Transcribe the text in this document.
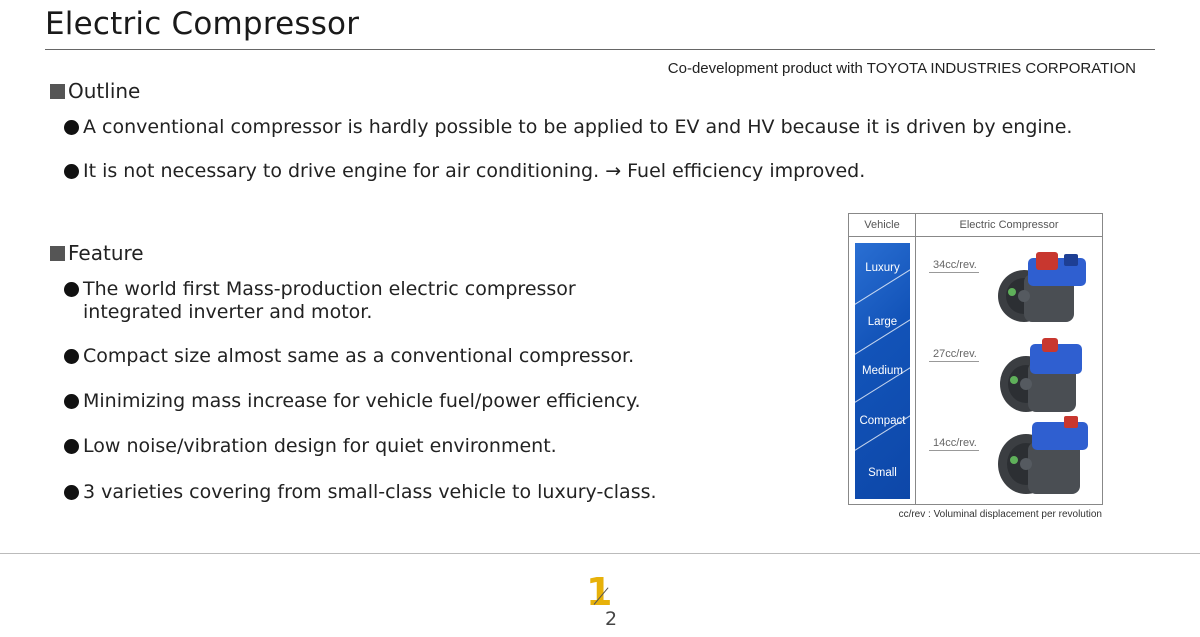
Electric Compressor
Co-development product with TOYOTA INDUSTRIES CORPORATION
Outline
A conventional compressor is hardly possible to be applied to EV and HV because it is driven by engine.
It is not necessary to drive engine for air conditioning. → Fuel efficiency improved.
Feature
The world first Mass-production electric compressor
integrated inverter and motor.
Compact size almost same as a conventional compressor.
Minimizing mass increase for vehicle fuel/power efficiency.
Low noise/vibration design for quiet environment.
3 varieties covering from small-class vehicle to luxury-class.
Vehicle	Electric Compressor
Luxury
Large
Medium
Compact
Small
34cc/rev.
27cc/rev.
14cc/rev.
cc/rev : Voluminal displacement per revolution
1
2
